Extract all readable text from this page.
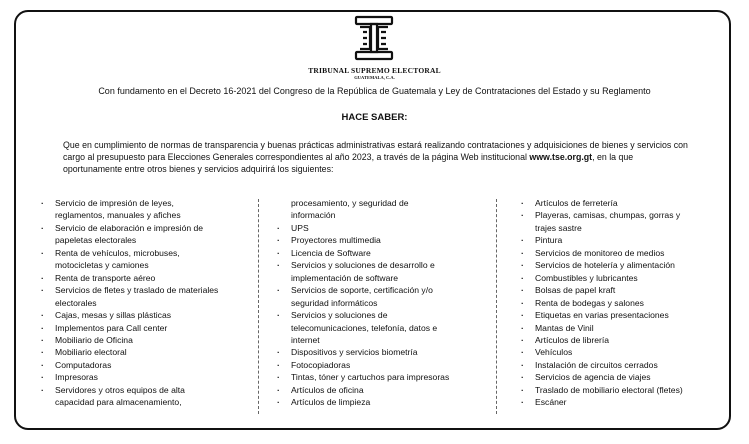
TRIBUNAL SUPREMO ELECTORAL
GUATEMALA, C.A.
Con fundamento en el Decreto 16-2021 del Congreso de la República de Guatemala y Ley de Contrataciones del Estado y su Reglamento
HACE SABER:
Que en cumplimiento de normas de transparencia y buenas prácticas administrativas estará realizando contrataciones y adquisiciones de bienes y servicios con cargo al presupuesto para Elecciones Generales correspondientes al año 2023, a través de la página Web institucional www.tse.org.gt, en la que oportunamente entre otros bienes y servicios adquirirá los siguientes:
· Servicio de impresión de leyes,
reglamentos, manuales y afiches
· Servicio de elaboración e impresión de
papeletas electorales
· Renta de vehículos, microbuses,
motocicletas y camiones
· Renta de transporte aéreo
· Servicios de fletes y traslado de materiales
electorales
· Cajas, mesas y sillas plásticas
· Implementos para Call center
· Mobiliario de Oficina
· Mobiliario electoral
· Computadoras
· Impresoras
· Servidores y otros equipos de alta
capacidad para almacenamiento,
procesamiento, y seguridad de
información
· UPS
· Proyectores multimedia
· Licencia de Software
· Servicios y soluciones de desarrollo e
implementación de software
· Servicios de soporte, certificación y/o
seguridad informáticos
· Servicios y soluciones de
telecomunicaciones, telefonía, datos e
internet
· Dispositivos y servicios biometría
· Fotocopiadoras
· Tintas, tóner y cartuchos para impresoras
· Artículos de oficina
· Artículos de limpieza
· Artículos de ferretería
· Playeras, camisas, chumpas, gorras y
trajes sastre
· Pintura
· Servicios de monitoreo de medios
· Servicios de hotelería y alimentación
· Combustibles y lubricantes
· Bolsas de papel kraft
· Renta de bodegas y salones
· Etiquetas en varias presentaciones
· Mantas de Vinil
· Artículos de librería
· Vehículos
· Instalación de circuitos cerrados
· Servicios de agencia de viajes
· Traslado de mobiliario electoral (fletes)
· Escáner
